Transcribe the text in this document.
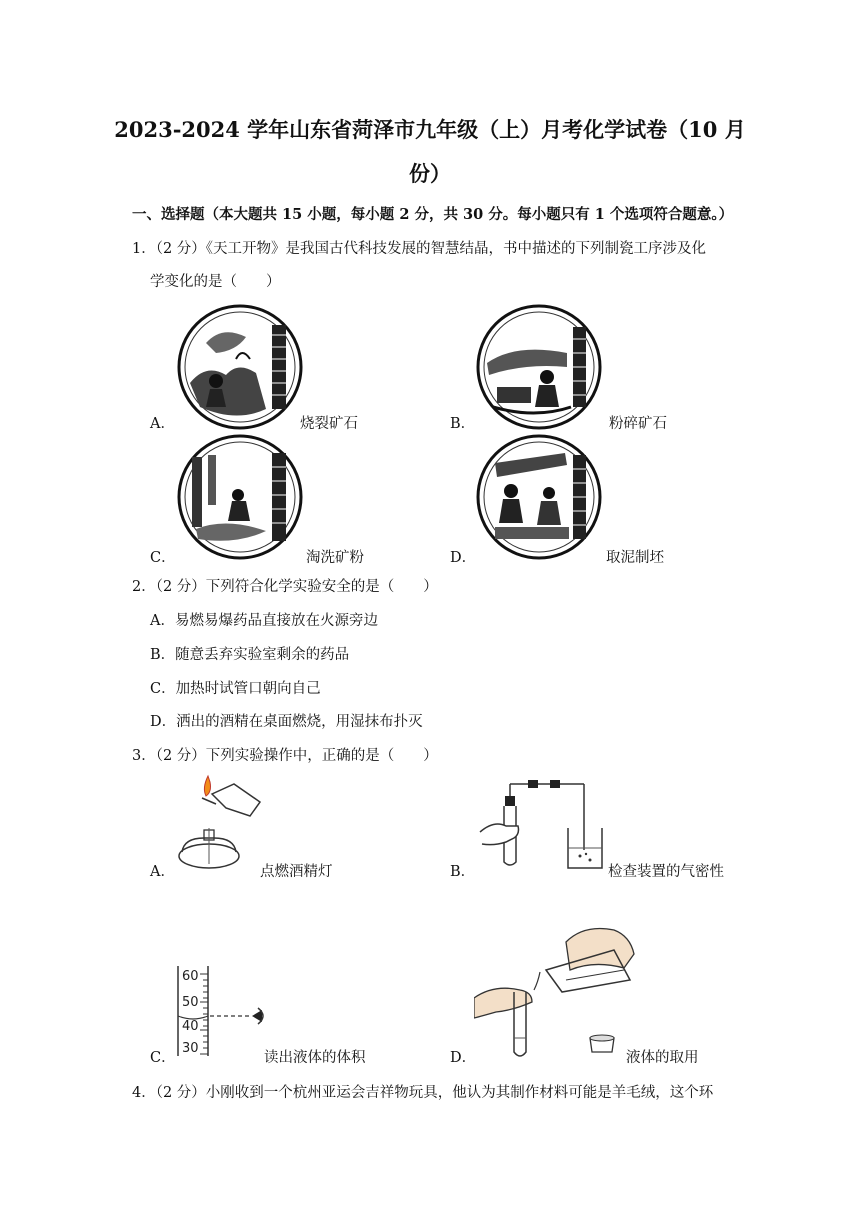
2023-2024 学年山东省菏泽市九年级（上）月考化学试卷（10 月
份）
一、选择题（本大题共 15 小题，每小题 2 分，共 30 分。每小题只有 1 个选项符合题意。）
1．（2 分）《天工开物》是我国古代科技发展的智慧结晶，书中描述的下列制瓷工序涉及化
学变化的是（　　）
A．	烧裂矿石	B．	粉碎矿石
C．	淘洗矿粉	D．	取泥制坯
2．（2 分）下列符合化学实验安全的是（　　）
A．易燃易爆药品直接放在火源旁边
B．随意丢弃实验室剩余的药品
C．加热时试管口朝向自己
D．洒出的酒精在桌面燃烧，用湿抹布扑灭
3．（2 分）下列实验操作中，正确的是（　　）
A．	点燃酒精灯	B．	检查装置的气密性
60
50
40
30
C．	读出液体的体积	D．	液体的取用
4．（2 分）小刚收到一个杭州亚运会吉祥物玩具，他认为其制作材料可能是羊毛绒，这个环
